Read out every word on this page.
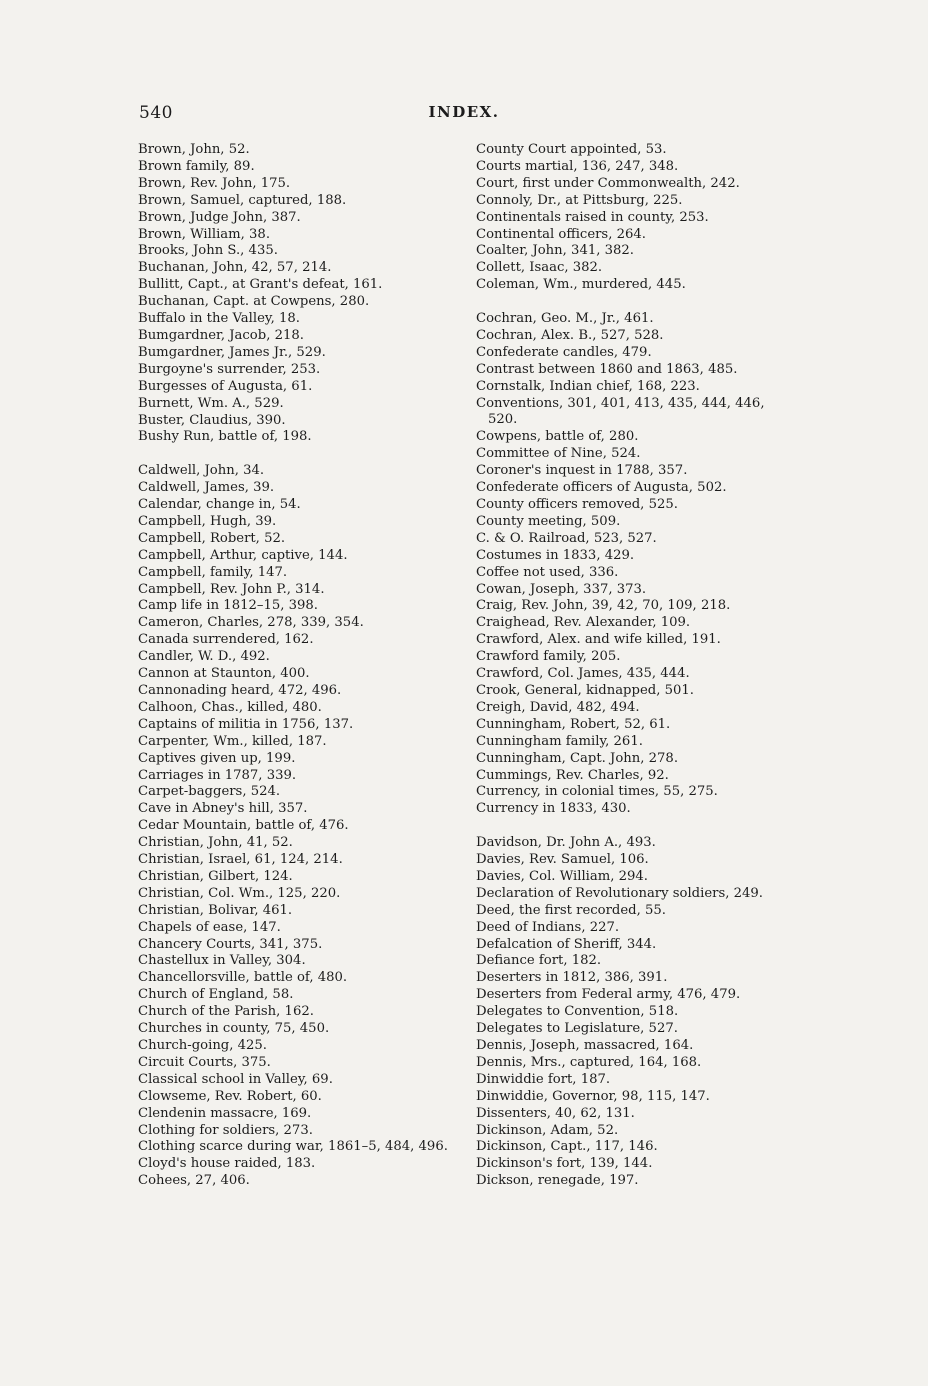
540	INDEX.
Brown, John, 52.
Brown family, 89.
Brown, Rev. John, 175.
Brown, Samuel, captured, 188.
Brown, Judge John, 387.
Brown, William, 38.
Brooks, John S., 435.
Buchanan, John, 42, 57, 214.
Bullitt, Capt., at Grant's defeat, 161.
Buchanan, Capt. at Cowpens, 280.
Buffalo in the Valley, 18.
Bumgardner, Jacob, 218.
Bumgardner, James Jr., 529.
Burgoyne's surrender, 253.
Burgesses of Augusta, 61.
Burnett, Wm. A., 529.
Buster, Claudius, 390.
Bushy Run, battle of, 198.
Caldwell, John, 34.
Caldwell, James, 39.
Calendar, change in, 54.
Campbell, Hugh, 39.
Campbell, Robert, 52.
Campbell, Arthur, captive, 144.
Campbell, family, 147.
Campbell, Rev. John P., 314.
Camp life in 1812–15, 398.
Cameron, Charles, 278, 339, 354.
Canada surrendered, 162.
Candler, W. D., 492.
Cannon at Staunton, 400.
Cannonading heard, 472, 496.
Calhoon, Chas., killed, 480.
Captains of militia in 1756, 137.
Carpenter, Wm., killed, 187.
Captives given up, 199.
Carriages in 1787, 339.
Carpet-baggers, 524.
Cave in Abney's hill, 357.
Cedar Mountain, battle of, 476.
Christian, John, 41, 52.
Christian, Israel, 61, 124, 214.
Christian, Gilbert, 124.
Christian, Col. Wm., 125, 220.
Christian, Bolivar, 461.
Chapels of ease, 147.
Chancery Courts, 341, 375.
Chastellux in Valley, 304.
Chancellorsville, battle of, 480.
Church of England, 58.
Church of the Parish, 162.
Churches in county, 75, 450.
Church-going, 425.
Circuit Courts, 375.
Classical school in Valley, 69.
Clowseme, Rev. Robert, 60.
Clendenin massacre, 169.
Clothing for soldiers, 273.
Clothing scarce during war, 1861–5, 484, 496.
Cloyd's house raided, 183.
Cohees, 27, 406.
County Court appointed, 53.
Courts martial, 136, 247, 348.
Court, first under Commonwealth, 242.
Connoly, Dr., at Pittsburg, 225.
Continentals raised in county, 253.
Continental officers, 264.
Coalter, John, 341, 382.
Collett, Isaac, 382.
Coleman, Wm., murdered, 445.
Cochran, Geo. M., Jr., 461.
Cochran, Alex. B., 527, 528.
Confederate candles, 479.
Contrast between 1860 and 1863, 485.
Cornstalk, Indian chief, 168, 223.
Conventions, 301, 401, 413, 435, 444, 446, 520.
Cowpens, battle of, 280.
Committee of Nine, 524.
Coroner's inquest in 1788, 357.
Confederate officers of Augusta, 502.
County officers removed, 525.
County meeting, 509.
C. & O. Railroad, 523, 527.
Costumes in 1833, 429.
Coffee not used, 336.
Cowan, Joseph, 337, 373.
Craig, Rev. John, 39, 42, 70, 109, 218.
Craighead, Rev. Alexander, 109.
Crawford, Alex. and wife killed, 191.
Crawford family, 205.
Crawford, Col. James, 435, 444.
Crook, General, kidnapped, 501.
Creigh, David, 482, 494.
Cunningham, Robert, 52, 61.
Cunningham family, 261.
Cunningham, Capt. John, 278.
Cummings, Rev. Charles, 92.
Currency, in colonial times, 55, 275.
Currency in 1833, 430.
Davidson, Dr. John A., 493.
Davies, Rev. Samuel, 106.
Davies, Col. William, 294.
Declaration of Revolutionary soldiers, 249.
Deed, the first recorded, 55.
Deed of Indians, 227.
Defalcation of Sheriff, 344.
Defiance fort, 182.
Deserters in 1812, 386, 391.
Deserters from Federal army, 476, 479.
Delegates to Convention, 518.
Delegates to Legislature, 527.
Dennis, Joseph, massacred, 164.
Dennis, Mrs., captured, 164, 168.
Dinwiddie fort, 187.
Dinwiddie, Governor, 98, 115, 147.
Dissenters, 40, 62, 131.
Dickinson, Adam, 52.
Dickinson, Capt., 117, 146.
Dickinson's fort, 139, 144.
Dickson, renegade, 197.
